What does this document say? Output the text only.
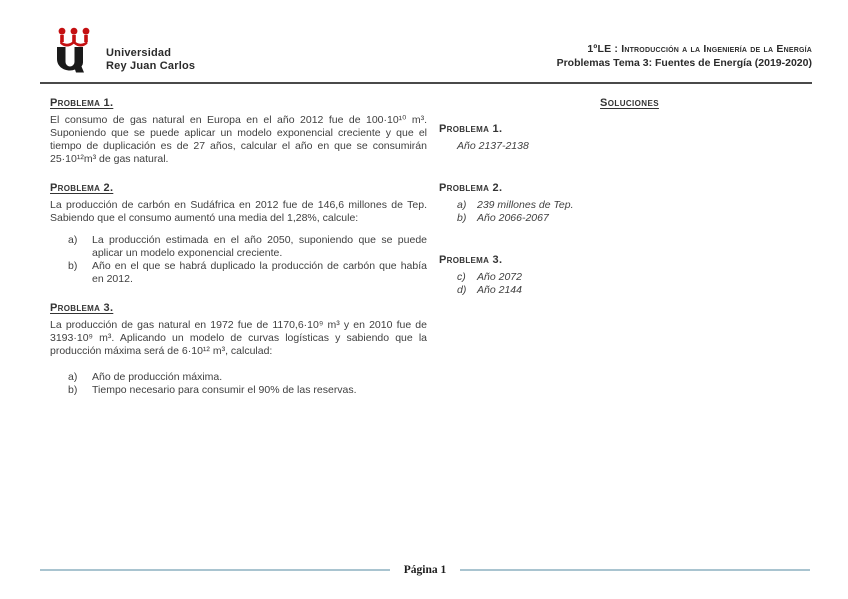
Universidad
Rey Juan Carlos
1ºLE : Introducción a la Ingeniería de la Energía
Problemas Tema 3: Fuentes de Energía (2019-2020)
Problema 1.

El consumo de gas natural en Europa en el año 2012 fue de 100·10¹⁰ m³. Suponiendo que se puede aplicar un modelo exponencial creciente y que el tiempo de duplicación es de 27 años, calcular el año en que se consumirán 25·10¹²m³ de gas natural.

Problema 2.

La producción de carbón en Sudáfrica en 2012 fue de 146,6 millones de Tep. Sabiendo que el consumo aumentó una media del 1,28%, calcule:

a)	La producción estimada en el año 2050, suponiendo que se puede aplicar un modelo exponencial creciente.
b)	Año en el que se habrá duplicado la producción de carbón que había en 2012.
Problema 3.

La producción de gas natural en 1972 fue de 1170,6·10⁹ m³ y en 2010 fue de 3193·10⁹ m³. Aplicando un modelo de curvas logísticas y sabiendo que la producción máxima será de 6·10¹² m³, calculad:

a)	Año de producción máxima.
b)	Tiempo necesario para consumir el 90% de las reservas.
Soluciones
Problema 1.
Año 2137-2138
Problema 2.
a)	239 millones de Tep.
b)	Año 2066-2067
Problema 3.
c)	Año 2072
d)	Año 2144
Página 1
